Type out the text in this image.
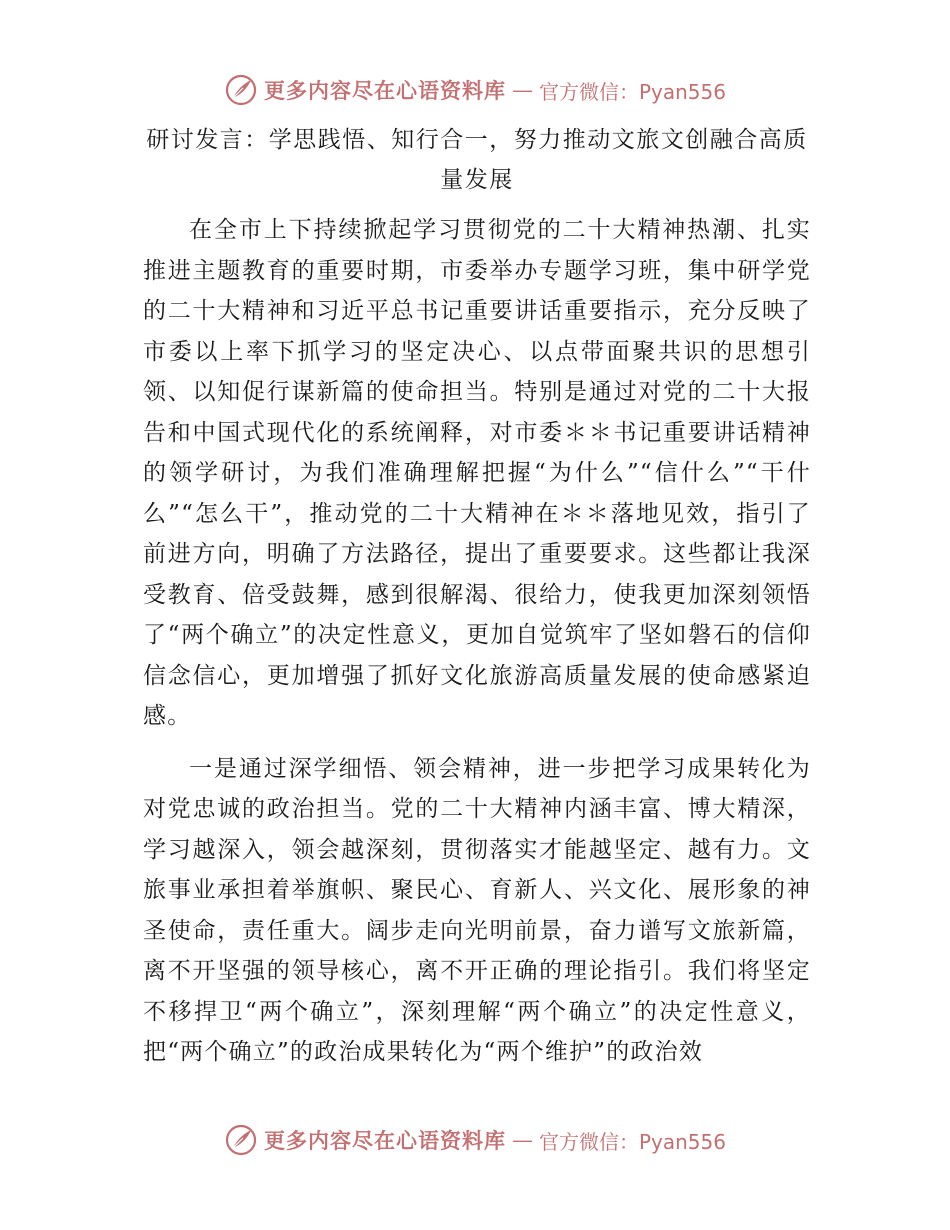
更多内容尽在心语资料库 — 官方微信：Pyan556
研讨发言：学思践悟、知行合一，努力推动文旅文创融合高质量发展

在全市上下持续掀起学习贯彻党的二十大精神热潮、扎实推进主题教育的重要时期，市委举办专题学习班，集中研学党的二十大精神和习近平总书记重要讲话重要指示，充分反映了市委以上率下抓学习的坚定决心、以点带面聚共识的思想引领、以知促行谋新篇的使命担当。特别是通过对党的二十大报告和中国式现代化的系统阐释，对市委＊＊书记重要讲话精神的领学研讨，为我们准确理解把握“为什么”“信什么”“干什么”“怎么干”，推动党的二十大精神在＊＊落地见效，指引了前进方向，明确了方法路径，提出了重要要求。这些都让我深受教育、倍受鼓舞，感到很解渴、很给力，使我更加深刻领悟了“两个确立”的决定性意义，更加自觉筑牢了坚如磐石的信仰信念信心，更加增强了抓好文化旅游高质量发展的使命感紧迫感。

一是通过深学细悟、领会精神，进一步把学习成果转化为对党忠诚的政治担当。党的二十大精神内涵丰富、博大精深，学习越深入，领会越深刻，贯彻落实才能越坚定、越有力。文旅事业承担着举旗帜、聚民心、育新人、兴文化、展形象的神圣使命，责任重大。阔步走向光明前景，奋力谱写文旅新篇，离不开坚强的领导核心，离不开正确的理论指引。我们将坚定不移捍卫“两个确立”，深刻理解“两个确立”的决定性意义，把“两个确立”的政治成果转化为“两个维护”的政治效

更多内容尽在心语资料库 — 官方微信：Pyan556
